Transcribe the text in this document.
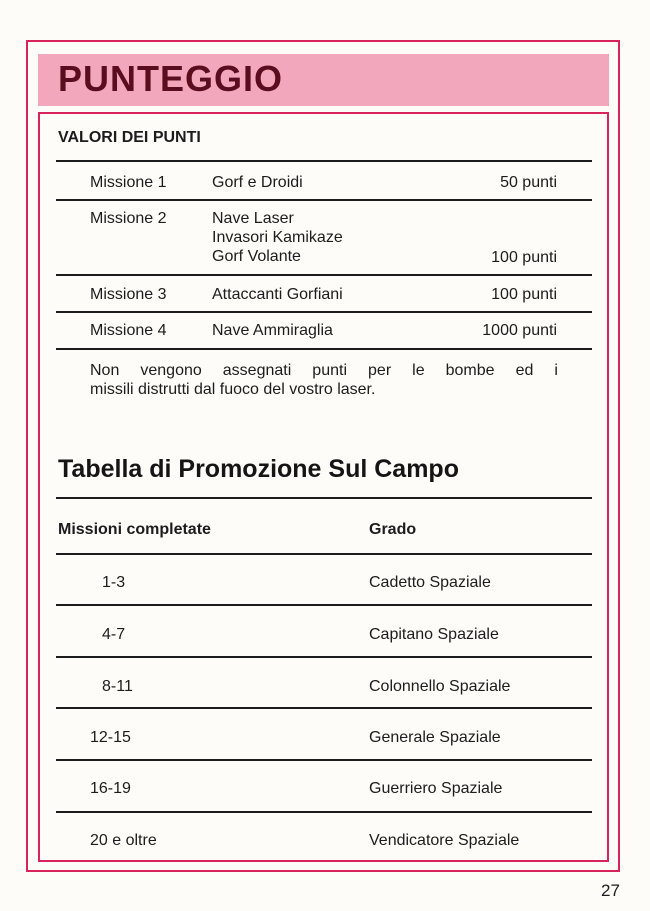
PUNTEGGIO
VALORI DEI PUNTI
Missione 1	Gorf e Droidi	50 punti
Missione 2	Nave Laser
Invasori Kamikaze
Gorf Volante	100 punti
Missione 3	Attaccanti Gorfiani	100 punti
Missione 4	Nave Ammiraglia	1000 punti
Non vengono assegnati punti per le bombe ed i
missili distrutti dal fuoco del vostro laser.
Tabella di Promozione Sul Campo
Missioni completate	Grado
1-3	Cadetto Spaziale
4-7	Capitano Spaziale
8-11	Colonnello Spaziale
12-15	Generale Spaziale
16-19	Guerriero Spaziale
20 e oltre	Vendicatore Spaziale
27
